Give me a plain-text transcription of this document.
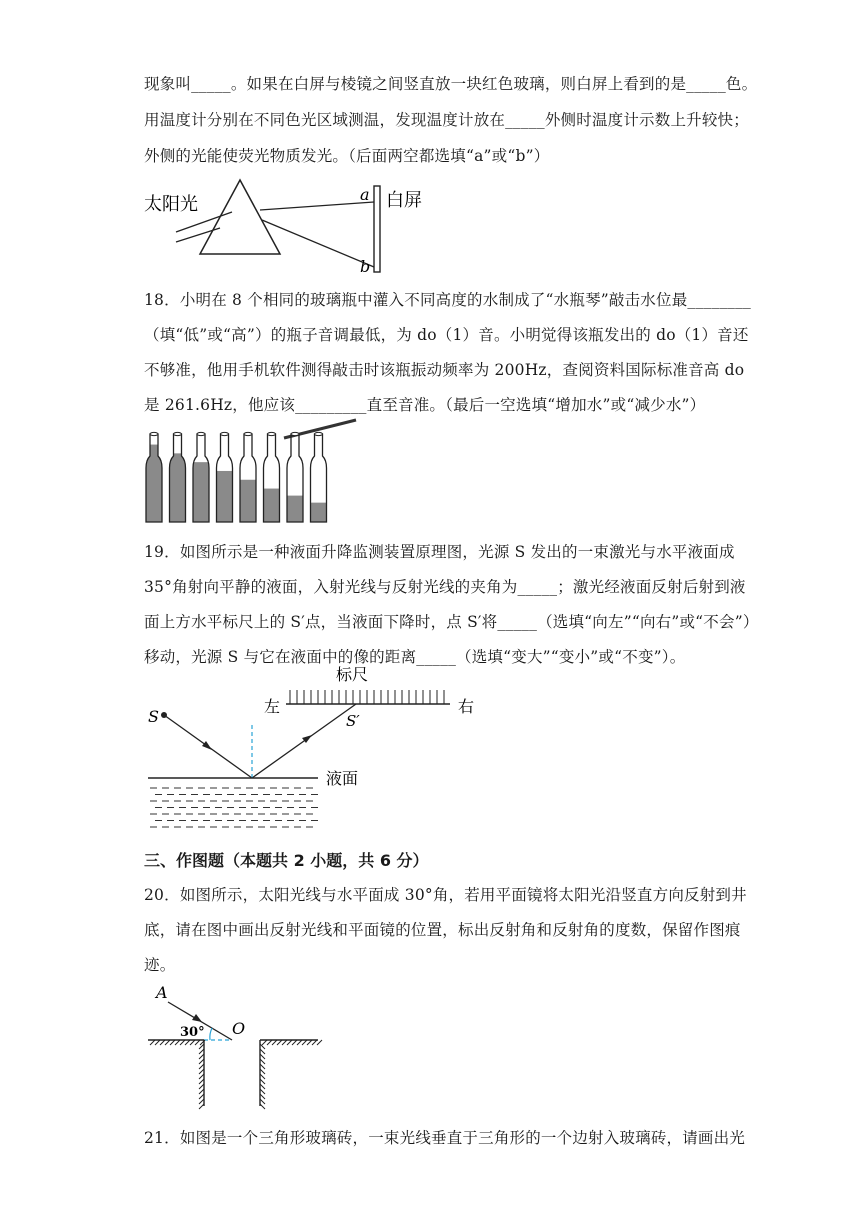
现象叫_____。如果在白屏与棱镜之间竖直放一块红色玻璃，则白屏上看到的是_____色。
用温度计分别在不同色光区域测温，发现温度计放在_____外侧时温度计示数上升较快；
外侧的光能使荧光物质发光。（后面两空都选填“a”或“b”）
太阳光	a
b
白屏
18．小明在 8 个相同的玻璃瓶中灌入不同高度的水制成了“水瓶琴”敲击水位最________
（填“低”或“高”）的瓶子音调最低，为 do（1）音。小明觉得该瓶发出的 do（1）音还
不够准，他用手机软件测得敲击时该瓶振动频率为 200Hz，查阅资料国际标准音高 do
是 261.6Hz，他应该_________直至音准。（最后一空选填“增加水”或“减少水”）
19．如图所示是一种液面升降监测装置原理图，光源 S 发出的一束激光与水平液面成
35°角射向平静的液面，入射光线与反射光线的夹角为_____；激光经液面反射后射到液
面上方水平标尺上的 S′点，当液面下降时，点 S′将_____（选填“向左”“向右”或“不会”）
移动，光源 S 与它在液面中的像的距离_____（选填“变大”“变小”或“不变”）。
标尺
左	右
S	S′
液面
三、作图题（本题共 2 小题，共 6 分）
20．如图所示，太阳光线与水平面成 30°角，若用平面镜将太阳光沿竖直方向反射到井
底，请在图中画出反射光线和平面镜的位置，标出反射角和反射角的度数，保留作图痕
迹。
A
O
30°
21．如图是一个三角形玻璃砖，一束光线垂直于三角形的一个边射入玻璃砖，请画出光
